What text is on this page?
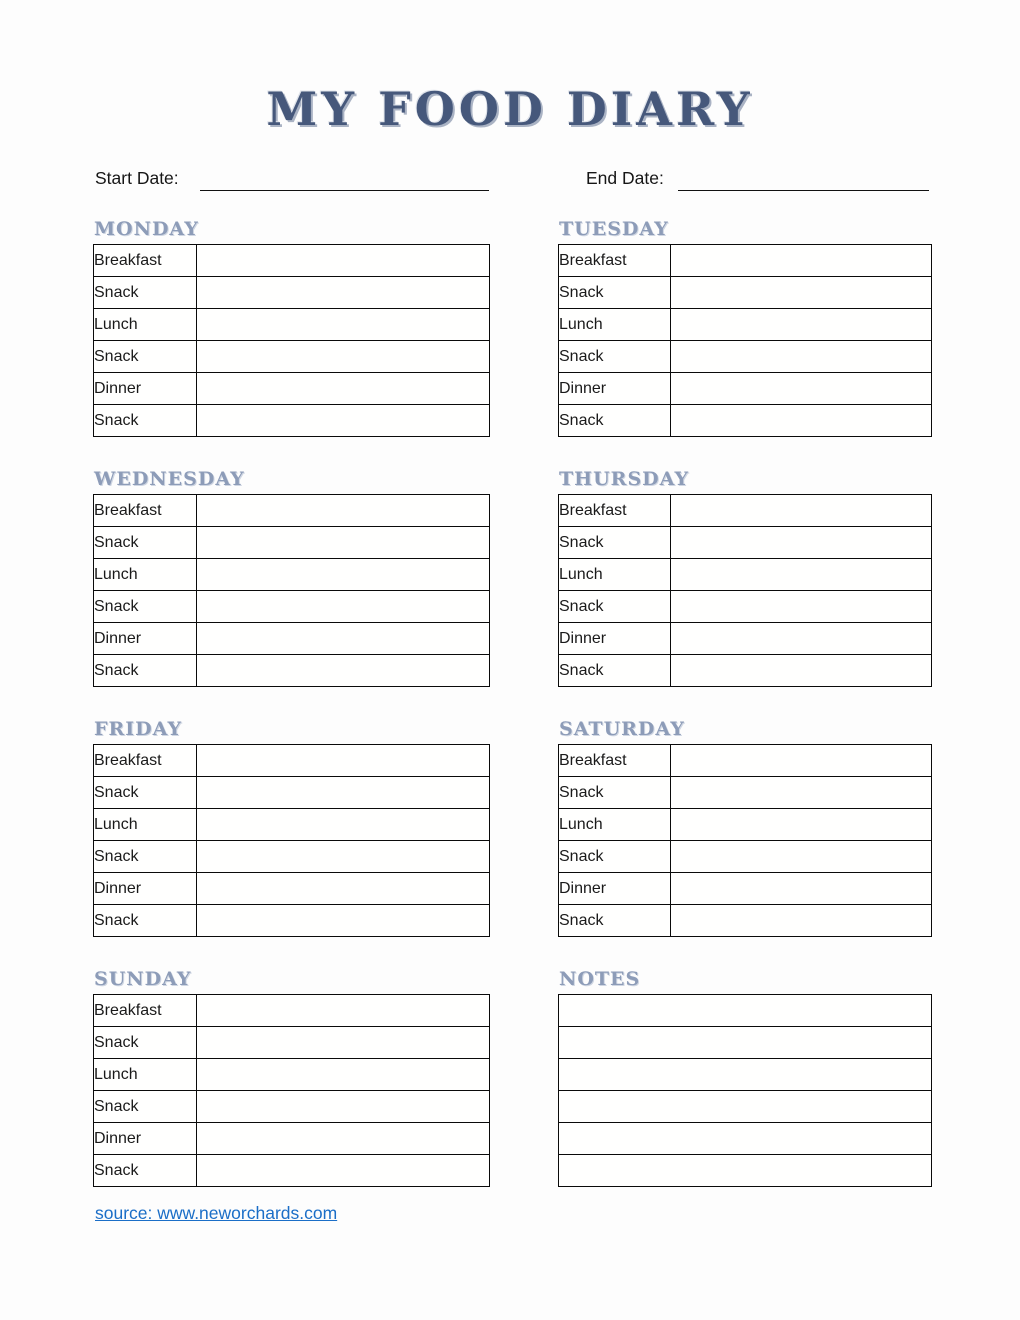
MY FOOD DIARY
Start Date:	End Date:
MONDAY
Breakfast	
Snack	
Lunch	
Snack	
Dinner	
Snack	
TUESDAY
Breakfast	
Snack	
Lunch	
Snack	
Dinner	
Snack	
WEDNESDAY
Breakfast	
Snack	
Lunch	
Snack	
Dinner	
Snack	
THURSDAY
Breakfast	
Snack	
Lunch	
Snack	
Dinner	
Snack	
FRIDAY
Breakfast	
Snack	
Lunch	
Snack	
Dinner	
Snack	
SATURDAY
Breakfast	
Snack	
Lunch	
Snack	
Dinner	
Snack	
SUNDAY
Breakfast	
Snack	
Lunch	
Snack	
Dinner	
Snack	
NOTES

source: www.neworchards.com
